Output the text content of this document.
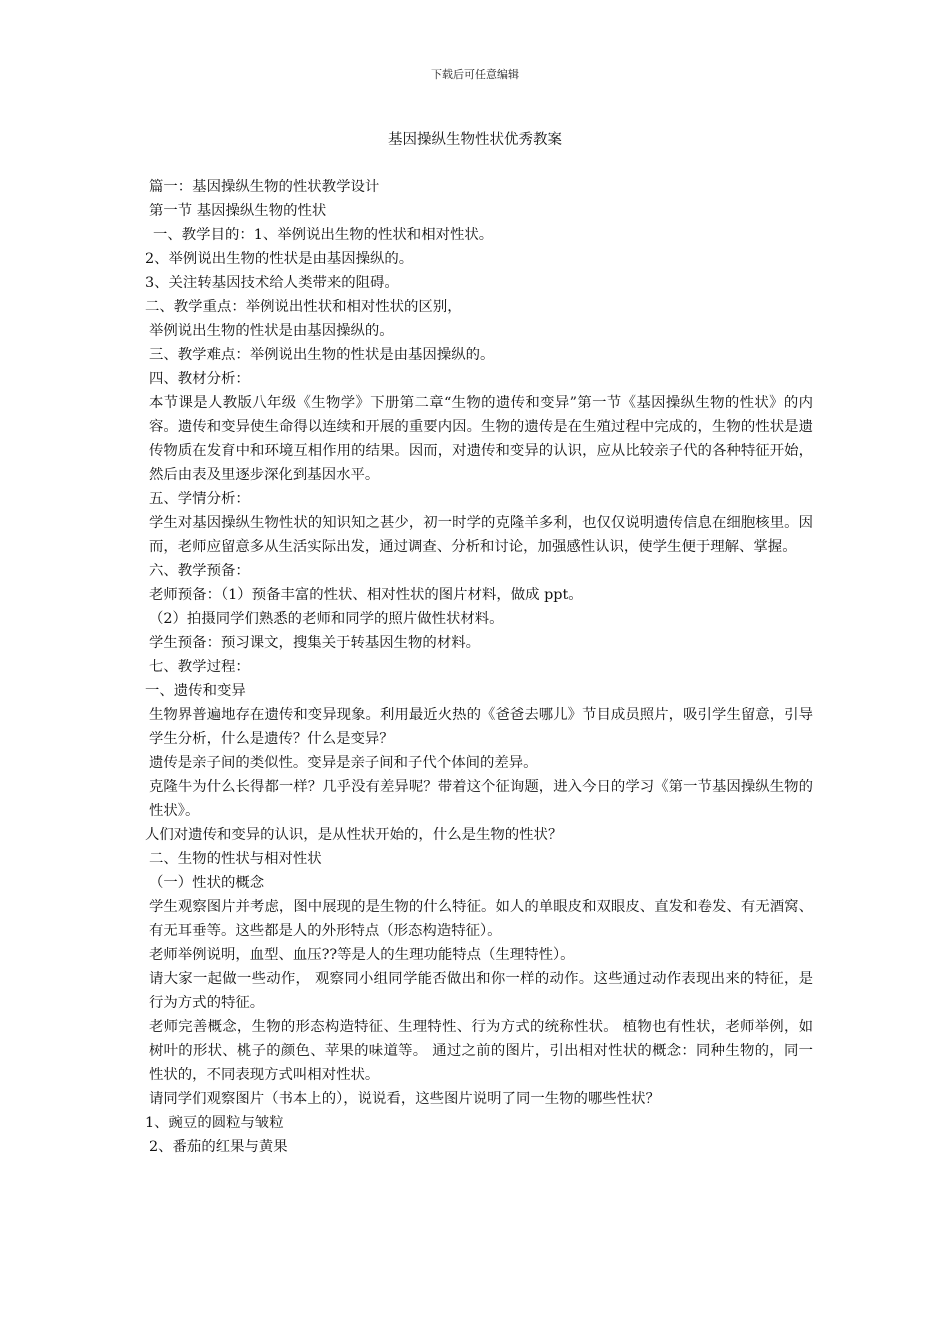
下载后可任意编辑
基因操纵生物性状优秀教案

篇一：基因操纵生物的性状教学设计

第一节 基因操纵生物的性状

一、教学目的：1、举例说出生物的性状和相对性状。

2、举例说出生物的性状是由基因操纵的。

3、关注转基因技术给人类带来的阻碍。

二、教学重点：举例说出性状和相对性状的区别，

举例说出生物的性状是由基因操纵的。

三、教学难点：举例说出生物的性状是由基因操纵的。

四、教材分析：

本节课是人教版八年级《生物学》下册第二章“生物的遗传和变异”第一节《基因操纵生物的性状》的内容。遗传和变异使生命得以连续和开展的重要内因。生物的遗传是在生殖过程中完成的，生物的性状是遗传物质在发育中和环境互相作用的结果。因而，对遗传和变异的认识，应从比较亲子代的各种特征开始，然后由表及里逐步深化到基因水平。

五、学情分析：

学生对基因操纵生物性状的知识知之甚少，初一时学的克隆羊多利，也仅仅说明遗传信息在细胞核里。因而，老师应留意多从生活实际出发，通过调查、分析和讨论，加强感性认识，使学生便于理解、掌握。

六、教学预备：

老师预备：（1）预备丰富的性状、相对性状的图片材料，做成 ppt。

（2）拍摄同学们熟悉的老师和同学的照片做性状材料。

学生预备：预习课文，搜集关于转基因生物的材料。

七、教学过程：

一、遗传和变异

生物界普遍地存在遗传和变异现象。利用最近火热的《爸爸去哪儿》节目成员照片，吸引学生留意，引导学生分析，什么是遗传？什么是变异？

遗传是亲子间的类似性。变异是亲子间和子代个体间的差异。

克隆牛为什么长得都一样？几乎没有差异呢？带着这个征询题，进入今日的学习《第一节基因操纵生物的性状》。

人们对遗传和变异的认识，是从性状开始的，什么是生物的性状？

二、生物的性状与相对性状

（一）性状的概念

学生观察图片并考虑，图中展现的是生物的什么特征。如人的单眼皮和双眼皮、直发和卷发、有无酒窝、有无耳垂等。这些都是人的外形特点（形态构造特征）。

老师举例说明，血型、血压??等是人的生理功能特点（生理特性）。

请大家一起做一些动作， 观察同小组同学能否做出和你一样的动作。这些通过动作表现出来的特征，是行为方式的特征。

老师完善概念，生物的形态构造特征、生理特性、行为方式的统称性状。 植物也有性状，老师举例，如树叶的形状、桃子的颜色、苹果的味道等。 通过之前的图片，引出相对性状的概念：同种生物的，同一性状的，不同表现方式叫相对性状。

请同学们观察图片（书本上的），说说看，这些图片说明了同一生物的哪些性状？

1、豌豆的圆粒与皱粒

2、番茄的红果与黄果
